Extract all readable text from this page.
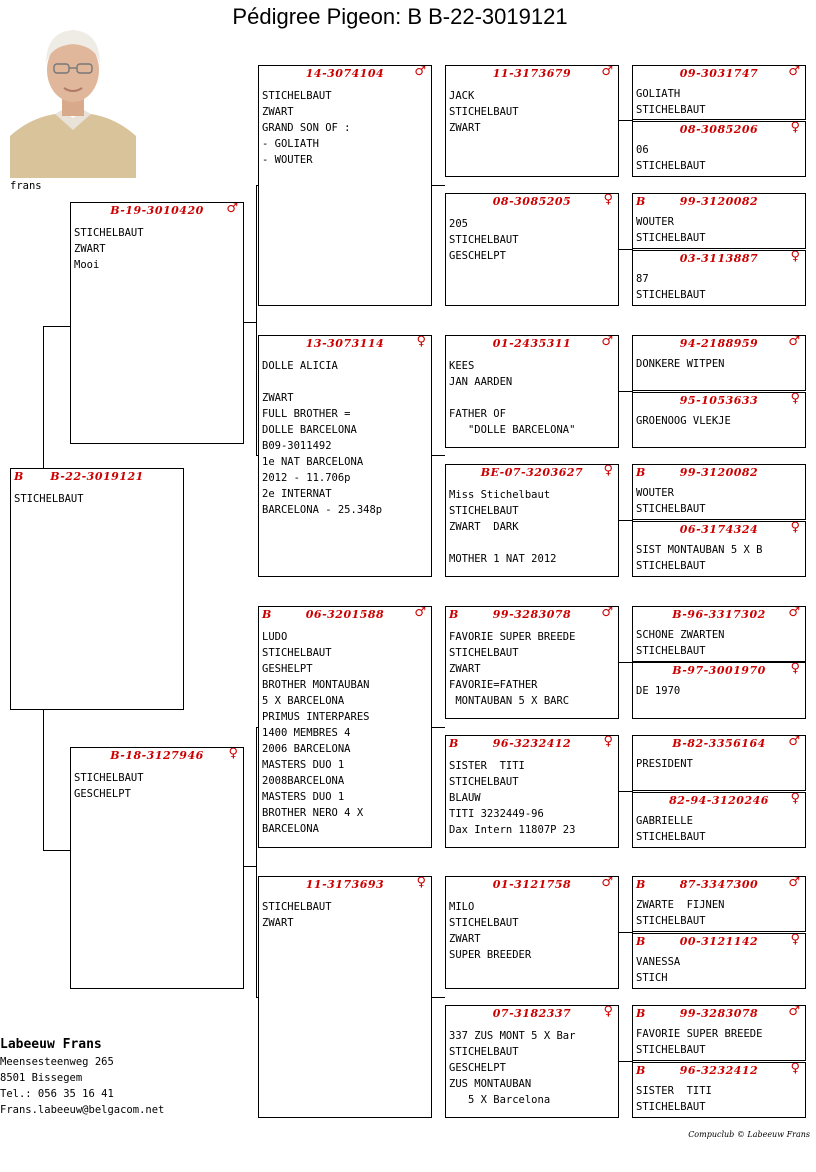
Pédigree Pigeon: B B-22-3019121
frans
B	B-22-3019121
STICHELBAUT
B-19-3010420	♂
STICHELBAUT
ZWART
Mooi
B-18-3127946	♀
STICHELBAUT
GESCHELPT
14-3074104	♂
STICHELBAUT
ZWART
GRAND SON OF :
- GOLIATH
- WOUTER
13-3073114	♀
DOLLE ALICIA

ZWART
FULL BROTHER =
DOLLE BARCELONA
B09-3011492
1e NAT BARCELONA
2012 - 11.706p
2e INTERNAT
BARCELONA - 25.348p
B	06-3201588	♂
LUDO
STICHELBAUT
GESHELPT
BROTHER MONTAUBAN
5 X BARCELONA
PRIMUS INTERPARES
1400 MEMBRES 4
2006 BARCELONA
MASTERS DUO 1
2008BARCELONA
MASTERS DUO 1
BROTHER NERO 4 X
BARCELONA
11-3173693	♀
STICHELBAUT
ZWART
11-3173679	♂
JACK
STICHELBAUT
ZWART
08-3085205	♀
205
STICHELBAUT
GESCHELPT
01-2435311	♂
KEES
JAN AARDEN

FATHER OF
"DOLLE BARCELONA"
BE-07-3203627	♀
Miss Stichelbaut
STICHELBAUT
ZWART  DARK

MOTHER 1 NAT 2012
B	99-3283078	♂
FAVORIE SUPER BREEDE
STICHELBAUT
ZWART
FAVORIE=FATHER
MONTAUBAN 5 X BARC
B	96-3232412	♀
SISTER  TITI
STICHELBAUT
BLAUW
TITI 3232449-96
Dax Intern 11807P 23
01-3121758	♂
MILO
STICHELBAUT
ZWART
SUPER BREEDER
07-3182337	♀
337 ZUS MONT 5 X Bar
STICHELBAUT
GESCHELPT
ZUS MONTAUBAN
5 X Barcelona
09-3031747	♂
GOLIATH
STICHELBAUT
08-3085206	♀
06
STICHELBAUT
B	99-3120082
WOUTER
STICHELBAUT
03-3113887	♀
87
STICHELBAUT
94-2188959	♂
DONKERE WITPEN
95-1053633	♀
GROENOOG VLEKJE
B	99-3120082
WOUTER
STICHELBAUT
06-3174324	♀
SIST MONTAUBAN 5 X B
STICHELBAUT
B-96-3317302	♂
SCHONE ZWARTEN
STICHELBAUT
B-97-3001970	♀
DE 1970
B-82-3356164	♂
PRESIDENT
82-94-3120246	♀
GABRIELLE
STICHELBAUT
B	87-3347300	♂
ZWARTE  FIJNEN
STICHELBAUT
B	00-3121142	♀
VANESSA
STICH
B	99-3283078	♂
FAVORIE SUPER BREEDE
STICHELBAUT
B	96-3232412	♀
SISTER  TITI
STICHELBAUT
Labeeuw Frans
Meensesteenweg 265
8501 Bissegem
Tel.: 056 35 16 41
Frans.labeeuw@belgacom.net
Compuclub © Labeeuw Frans
